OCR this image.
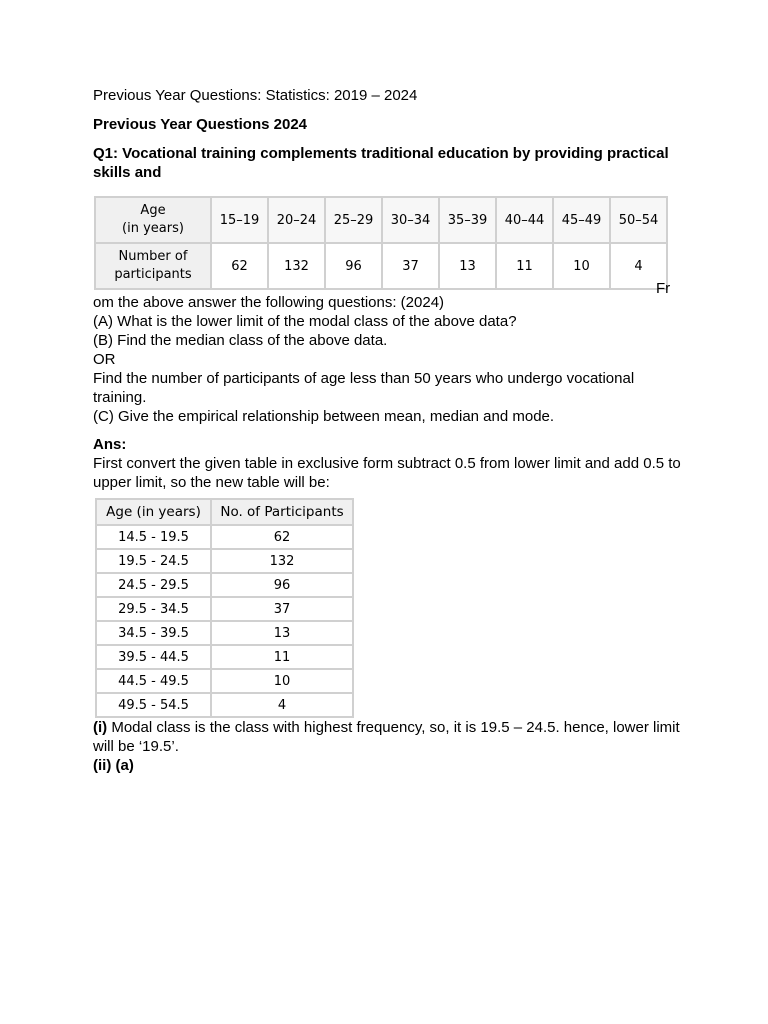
Previous Year Questions: Statistics: 2019 – 2024

Previous Year Questions 2024

Q1: Vocational training complements traditional education by providing practical skills and

Age
(in years)	15–19	20–24	25–29	30–34	35–39	40–44	45–49	50–54
Number of
participants	62	132	96	37	13	11	10	4
Fr

om the above answer the following questions: (2024)

(A) What is the lower limit of the modal class of the above data?

(B) Find the median class of the above data.

OR

Find the number of participants of age less than 50 years who undergo vocational training.

(C) Give the empirical relationship between mean, median and mode.

Ans:

First convert the given table in exclusive form subtract 0.5 from lower limit and add 0.5 to upper limit, so the new table will be:

Age (in years)	No. of Participants
14.5 - 19.5	62
19.5 - 24.5	132
24.5 - 29.5	96
29.5 - 34.5	37
34.5 - 39.5	13
39.5 - 44.5	11
44.5 - 49.5	10
49.5 - 54.5	4

(i) Modal class is the class with highest frequency, so, it is 19.5 – 24.5. hence, lower limit will be ‘19.5’.

(ii) (a)
